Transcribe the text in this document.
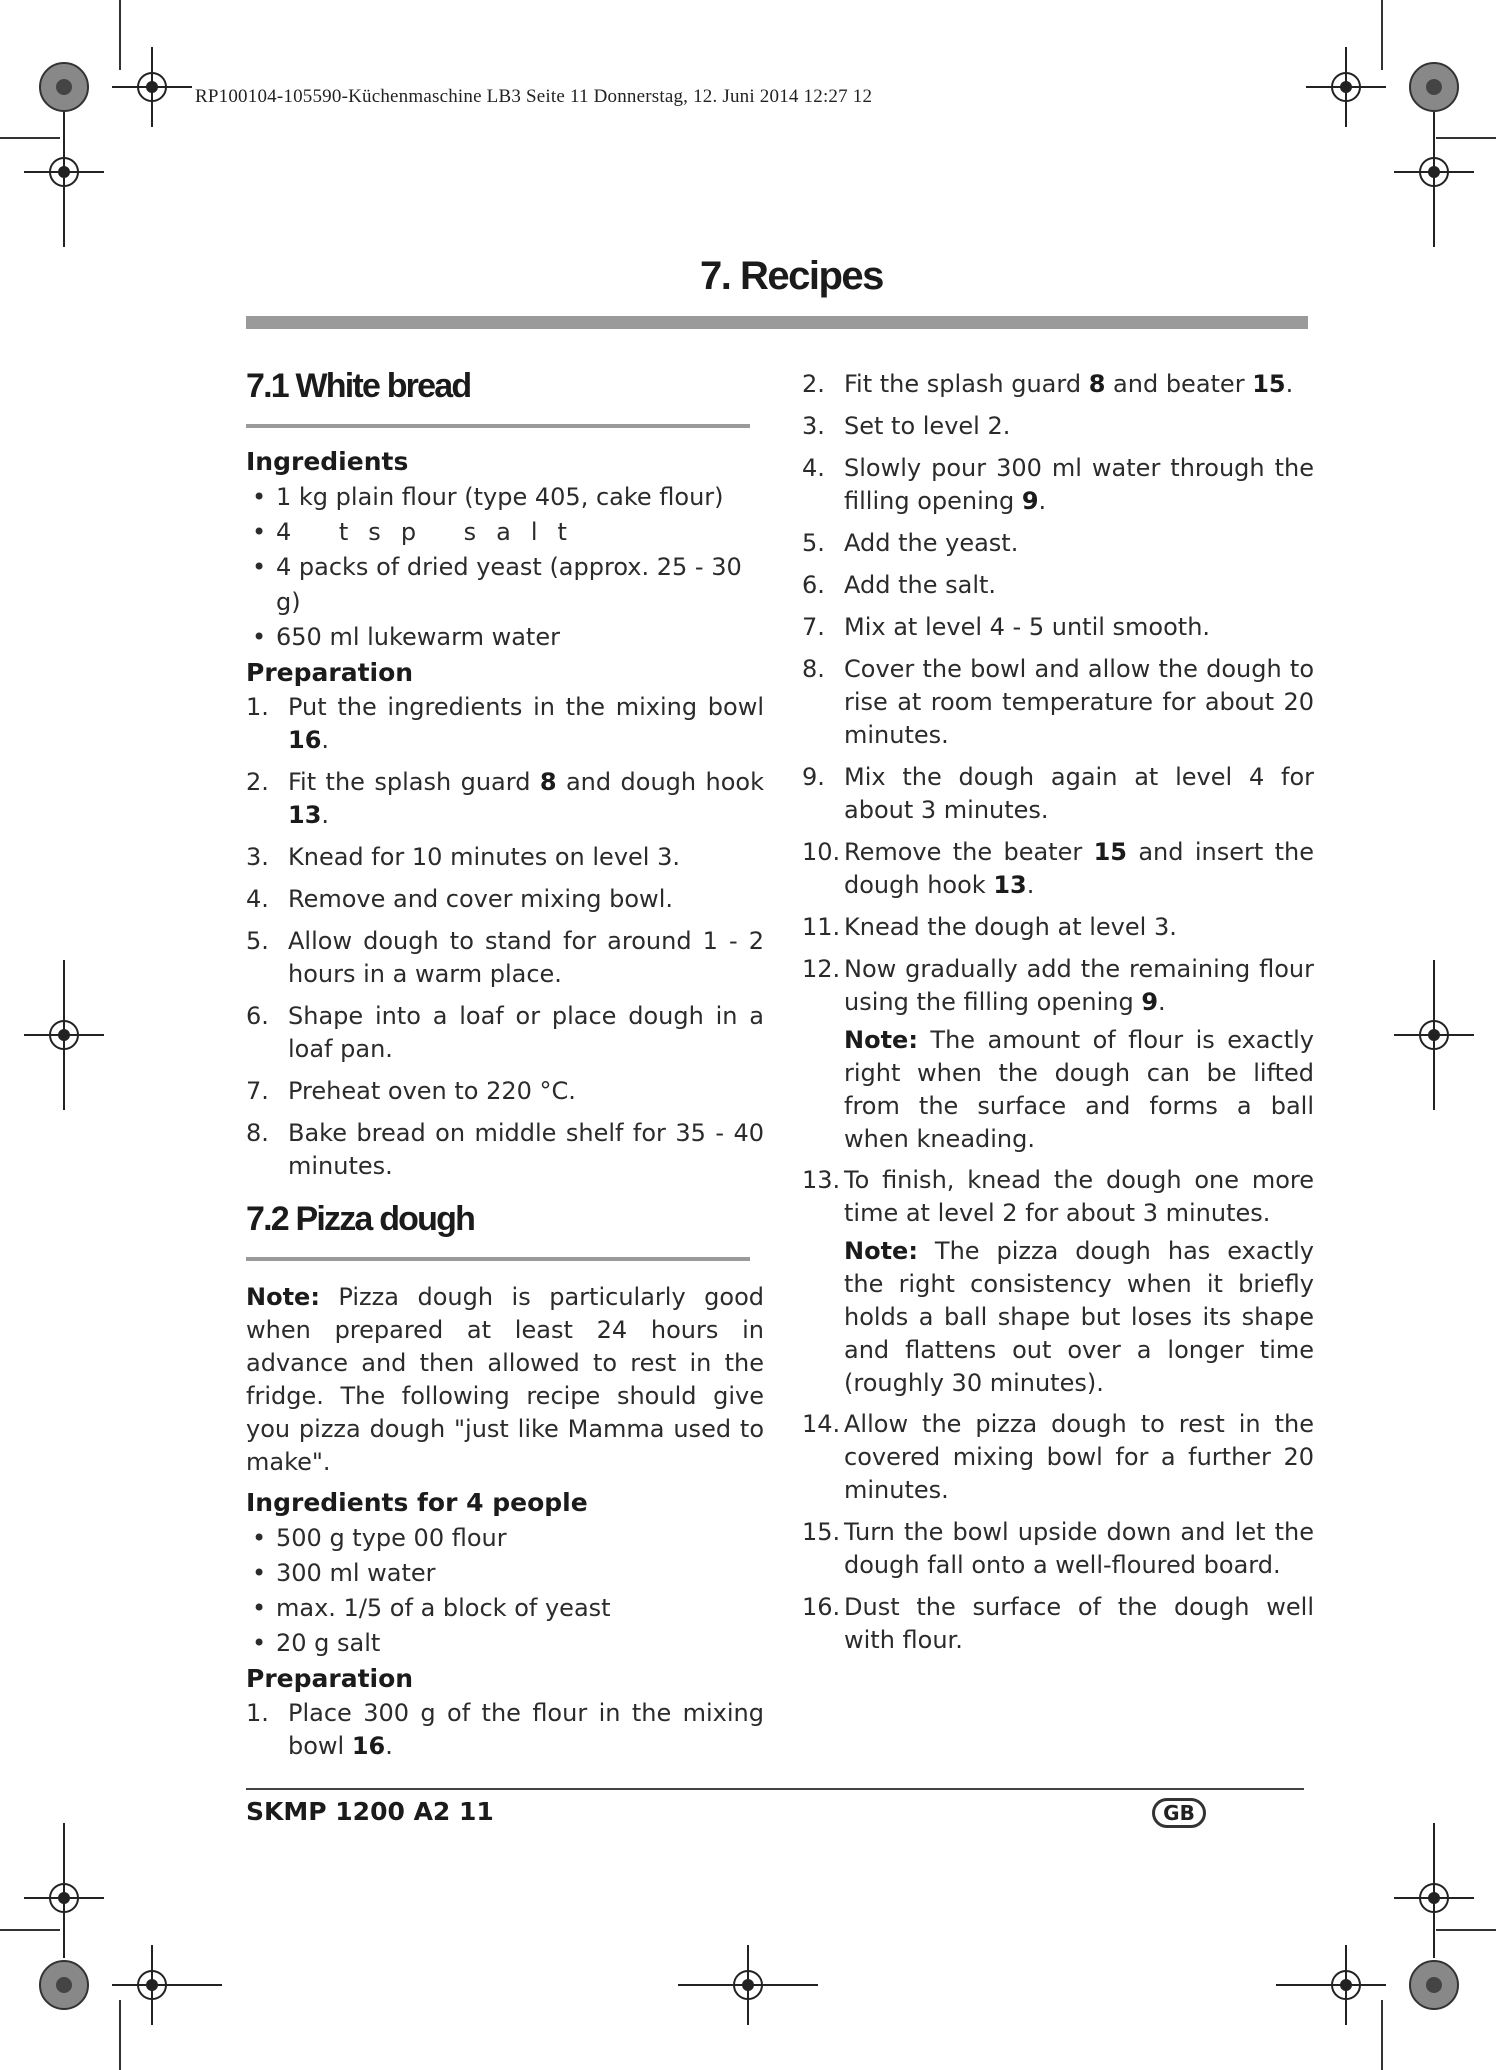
RP100104-105590-Küchenmaschine LB3 Seite 11 Donnerstag, 12. Juni 2014 12:27 12
7. Recipes
7.1 White bread
Ingredients
• 1 kg plain flour (type 405, cake flour)
• 4 tsp salt
• 4 packs of dried yeast (approx. 25 - 30 g)
• 650 ml lukewarm water
Preparation
1. Put the ingredients in the mixing bowl 16.
2. Fit the splash guard 8 and dough hook 13.
3. Knead for 10 minutes on level 3.
4. Remove and cover mixing bowl.
5. Allow dough to stand for around 1 - 2 hours in a warm place.
6. Shape into a loaf or place dough in a loaf pan.
7. Preheat oven to 220 °C.
8. Bake bread on middle shelf for 35 - 40 minutes.
7.2 Pizza dough
Note: Pizza dough is particularly good when prepared at least 24 hours in advance and then allowed to rest in the fridge. The following recipe should give you pizza dough "just like Mamma used to make".
Ingredients for 4 people
• 500 g type 00 flour
• 300 ml water
• max. 1/5 of a block of yeast
• 20 g salt
Preparation
1. Place 300 g of the flour in the mixing bowl 16.
2. Fit the splash guard 8 and beater 15.
3. Set to level 2.
4. Slowly pour 300 ml water through the filling opening 9.
5. Add the yeast.
6. Add the salt.
7. Mix at level 4 - 5 until smooth.
8. Cover the bowl and allow the dough to rise at room temperature for about 20 minutes.
9. Mix the dough again at level 4 for about 3 minutes.
10. Remove the beater 15 and insert the dough hook 13.
11. Knead the dough at level 3.
12. Now gradually add the remaining flour using the filling opening 9.
Note: The amount of flour is exactly right when the dough can be lifted from the surface and forms a ball when kneading.
13. To finish, knead the dough one more time at level 2 for about 3 minutes.
Note: The pizza dough has exactly the right consistency when it briefly holds a ball shape but loses its shape and flattens out over a longer time (roughly 30 minutes).
14. Allow the pizza dough to rest in the covered mixing bowl for a further 20 minutes.
15. Turn the bowl upside down and let the dough fall onto a well-floured board.
16. Dust the surface of the dough well with flour.
SKMP 1200 A2 11	GB
